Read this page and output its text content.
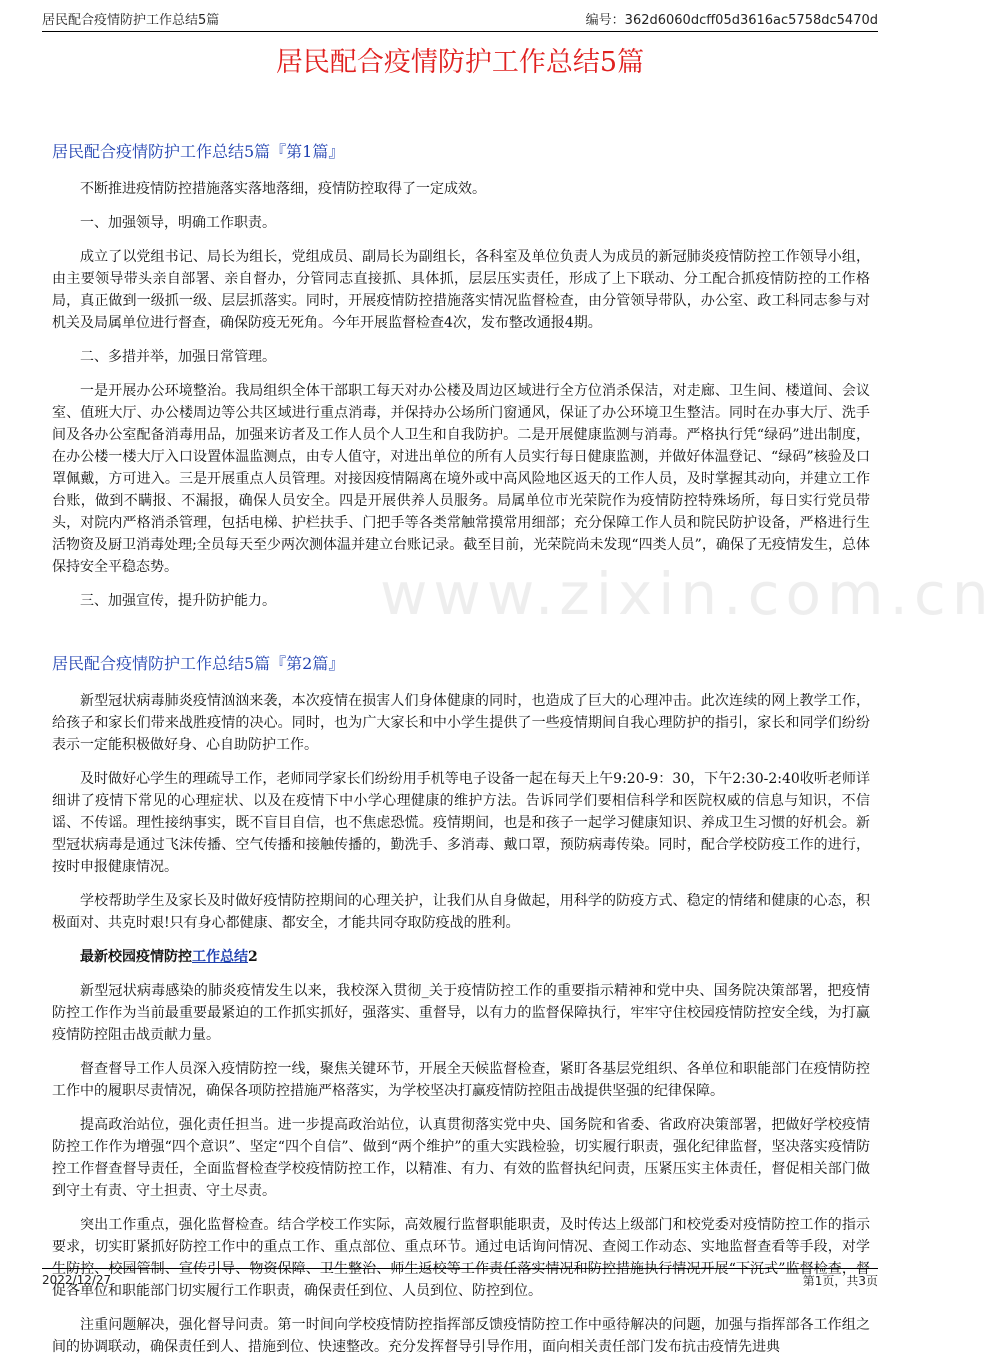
居民配合疫情防护工作总结5篇	编号：362d6060dcff05d3616ac5758dc5470d
居民配合疫情防护工作总结5篇
www.zixin.com.cn
居民配合疫情防护工作总结5篇『第1篇』

不断推进疫情防控措施落实落地落细，疫情防控取得了一定成效。

一、加强领导，明确工作职责。

成立了以党组书记、局长为组长，党组成员、副局长为副组长，各科室及单位负责人为成员的新冠肺炎疫情防控工作领导小组，由主要领导带头亲自部署、亲自督办，分管同志直接抓、具体抓，层层压实责任，形成了上下联动、分工配合抓疫情防控的工作格局，真正做到一级抓一级、层层抓落实。同时，开展疫情防控措施落实情况监督检查，由分管领导带队，办公室、政工科同志参与对机关及局属单位进行督查，确保防疫无死角。今年开展监督检查4次，发布整改通报4期。

二、多措并举，加强日常管理。

一是开展办公环境整治。我局组织全体干部职工每天对办公楼及周边区域进行全方位消杀保洁，对走廊、卫生间、楼道间、会议室、值班大厅、办公楼周边等公共区域进行重点消毒，并保持办公场所门窗通风，保证了办公环境卫生整洁。同时在办事大厅、洗手间及各办公室配备消毒用品，加强来访者及工作人员个人卫生和自我防护。二是开展健康监测与消毒。严格执行凭“绿码”进出制度，在办公楼一楼大厅入口设置体温监测点，由专人值守，对进出单位的所有人员实行每日健康监测，并做好体温登记、“绿码”核验及口罩佩戴，方可进入。三是开展重点人员管理。对接因疫情隔离在境外或中高风险地区返天的工作人员，及时掌握其动向，并建立工作台账，做到不瞒报、不漏报，确保人员安全。四是开展供养人员服务。局属单位市光荣院作为疫情防控特殊场所，每日实行党员带头，对院内严格消杀管理，包括电梯、护栏扶手、门把手等各类常触常摸常用细部；充分保障工作人员和院民防护设备，严格进行生活物资及厨卫消毒处理;全员每天至少两次测体温并建立台账记录。截至目前，光荣院尚未发现“四类人员”，确保了无疫情发生，总体保持安全平稳态势。

三、加强宣传，提升防护能力。

居民配合疫情防护工作总结5篇『第2篇』

新型冠状病毒肺炎疫情汹汹来袭，本次疫情在损害人们身体健康的同时，也造成了巨大的心理冲击。此次连续的网上教学工作，给孩子和家长们带来战胜疫情的决心。同时，也为广大家长和中小学生提供了一些疫情期间自我心理防护的指引，家长和同学们纷纷表示一定能积极做好身、心自助防护工作。

及时做好心学生的理疏导工作，老师同学家长们纷纷用手机等电子设备一起在每天上午9:20-9：30，下午2:30-2:40收听老师详细讲了疫情下常见的心理症状、以及在疫情下中小学心理健康的维护方法。告诉同学们要相信科学和医院权威的信息与知识，不信谣、不传谣。理性接纳事实，既不盲目自信，也不焦虑恐慌。疫情期间，也是和孩子一起学习健康知识、养成卫生习惯的好机会。新型冠状病毒是通过飞沫传播、空气传播和接触传播的，勤洗手、多消毒、戴口罩，预防病毒传染。同时，配合学校防疫工作的进行，按时申报健康情况。

学校帮助学生及家长及时做好疫情防控期间的心理关护，让我们从自身做起，用科学的防疫方式、稳定的情绪和健康的心态，积极面对、共克时艰!只有身心都健康、都安全，才能共同夺取防疫战的胜利。

最新校园疫情防控工作总结2

新型冠状病毒感染的肺炎疫情发生以来，我校深入贯彻_关于疫情防控工作的重要指示精神和党中央、国务院决策部署，把疫情防控工作作为当前最重要最紧迫的工作抓实抓好，强落实、重督导，以有力的监督保障执行，牢牢守住校园疫情防控安全线，为打赢疫情防控阻击战贡献力量。

督查督导工作人员深入疫情防控一线，聚焦关键环节，开展全天候监督检查，紧盯各基层党组织、各单位和职能部门在疫情防控工作中的履职尽责情况，确保各项防控措施严格落实，为学校坚决打赢疫情防控阻击战提供坚强的纪律保障。

提高政治站位，强化责任担当。进一步提高政治站位，认真贯彻落实党中央、国务院和省委、省政府决策部署，把做好学校疫情防控工作作为增强“四个意识”、坚定“四个自信”、做到“两个维护”的重大实践检验，切实履行职责，强化纪律监督，坚决落实疫情防控工作督查督导责任，全面监督检查学校疫情防控工作，以精准、有力、有效的监督执纪问责，压紧压实主体责任，督促相关部门做到守土有责、守土担责、守土尽责。

突出工作重点，强化监督检查。结合学校工作实际，高效履行监督职能职责，及时传达上级部门和校党委对疫情防控工作的指示要求，切实盯紧抓好防控工作中的重点工作、重点部位、重点环节。通过电话询问情况、查阅工作动态、实地监督查看等手段，对学生防控、校园管制、宣传引导、物资保障、卫生整治、师生返校等工作责任落实情况和防控措施执行情况开展“下沉式”监督检查，督促各单位和职能部门切实履行工作职责，确保责任到位、人员到位、防控到位。

注重问题解决，强化督导问责。第一时间向学校疫情防控指挥部反馈疫情防控工作中亟待解决的问题，加强与指挥部各工作组之间的协调联动，确保责任到人、措施到位、快速整改。充分发挥督导引导作用，面向相关责任部门发布抗击疫情先进典

2022/12/27	第1页，共3页
